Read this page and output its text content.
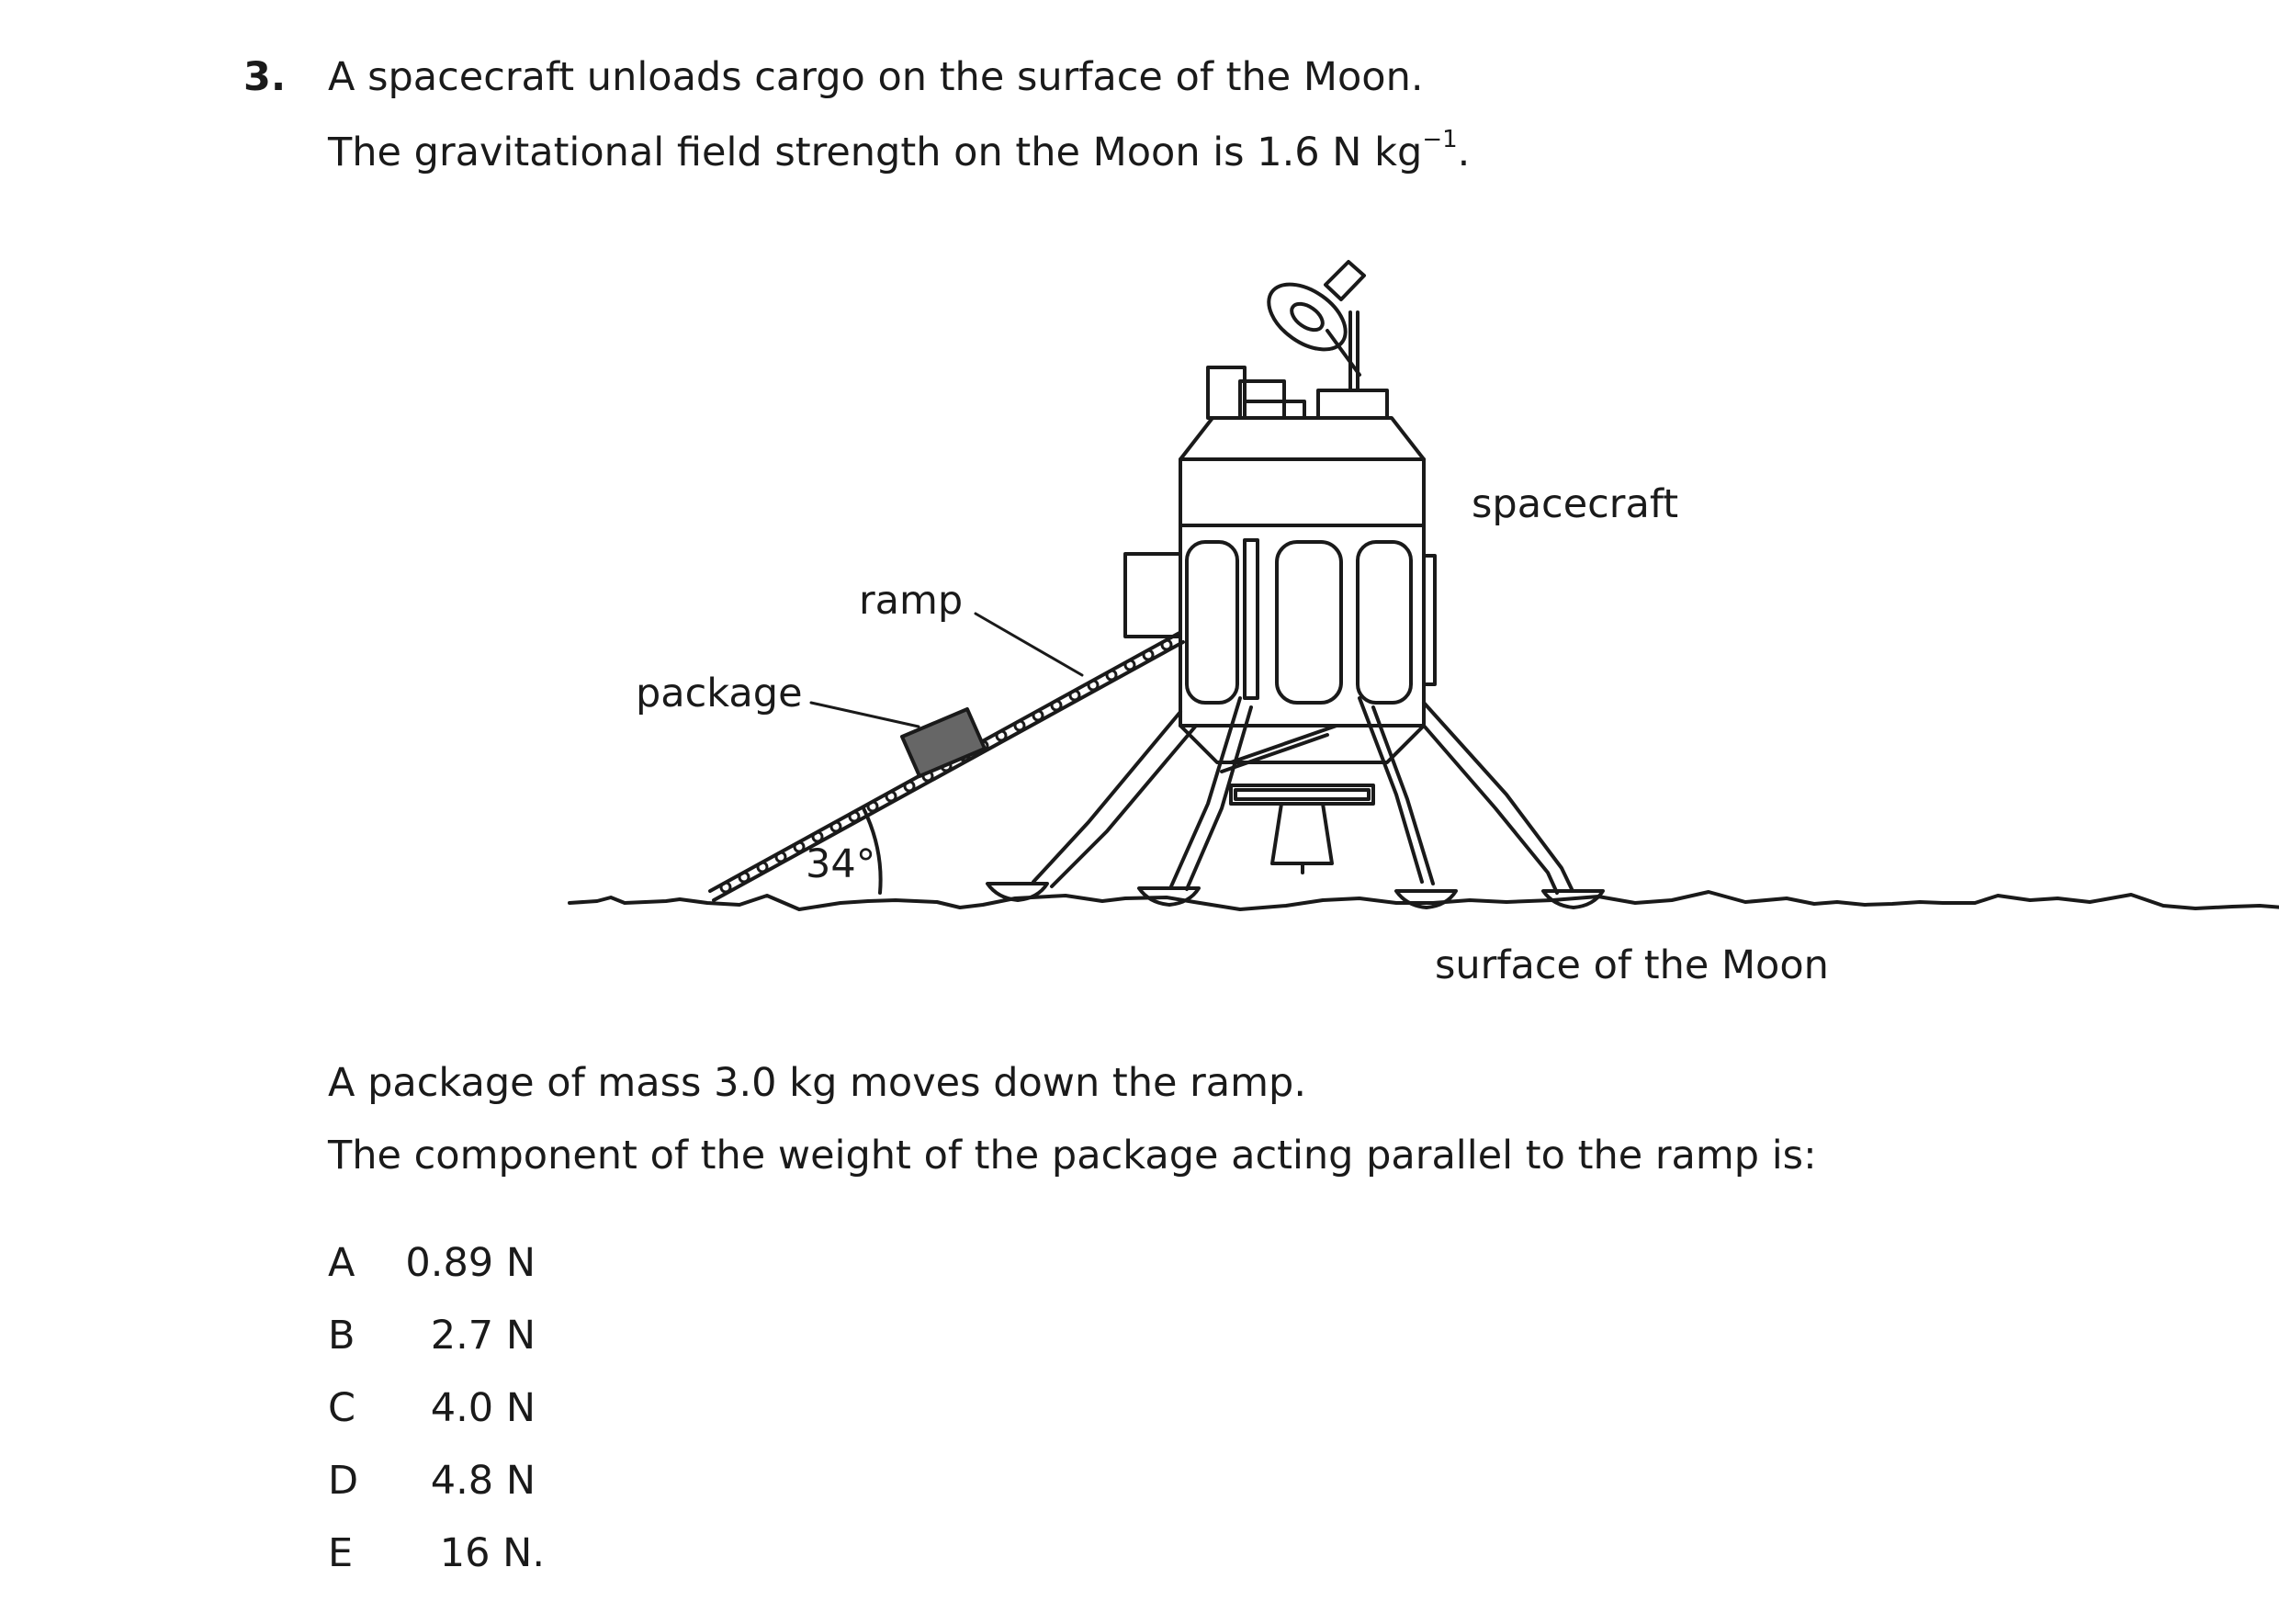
3. A spacecraft unloads cargo on the surface of the Moon.
The gravitational field strength on the Moon is 1.6 N $kg^{-1}$.
spacecraft
ramp
package
34°
surface of the Moon
A package of mass 3.0 kg moves down the ramp.
The component of the weight of the package acting parallel to the ramp is:
A	0.89 N
B	2.7 N
C	4.0 N
D	4.8 N
E	16 N.
